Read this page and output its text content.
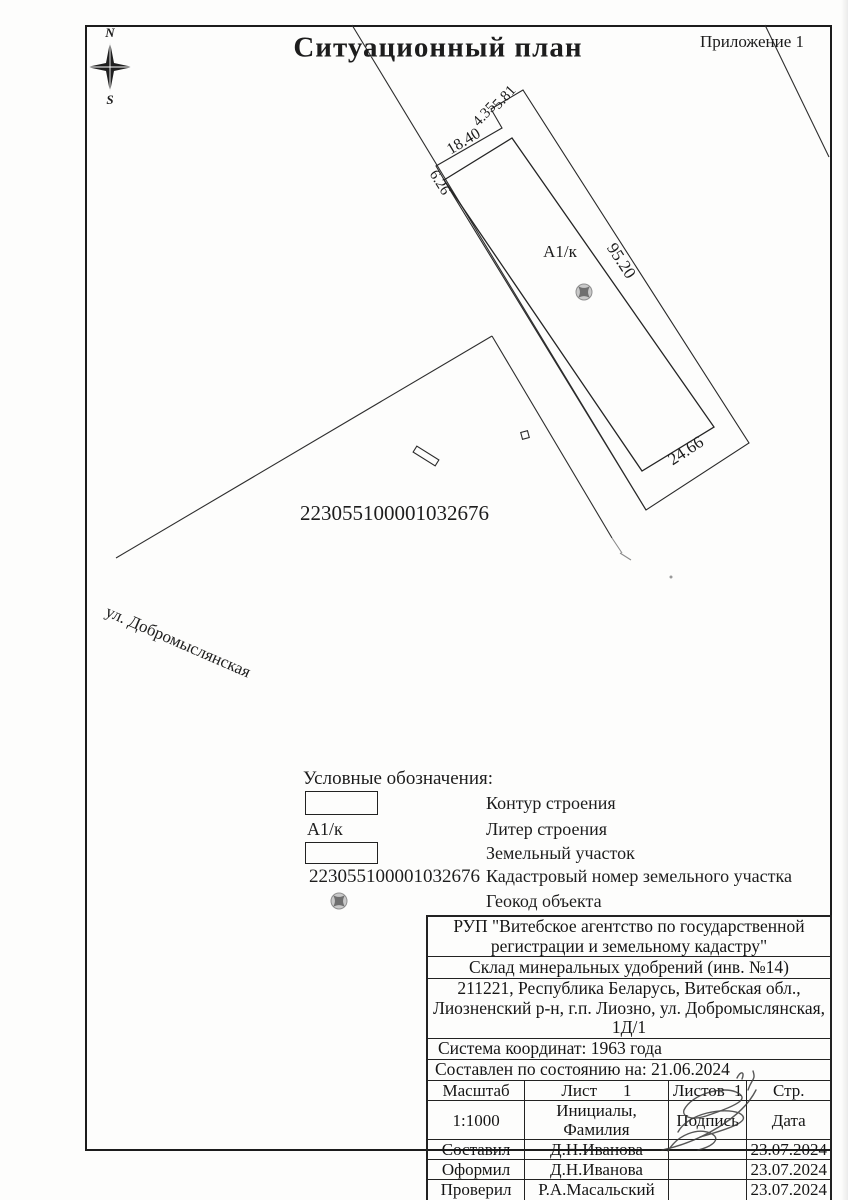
N
S
Ситуационный план	Приложение 1
5.81
4.35
18.40
6.26
95.20
24.66
А1/к
223055100001032676
ул. Добромыслянская
Условные обозначения:
Контур строения
А1/к	Литер строения
Земельный участок
223055100001032676 Кадастровый номер земельного участка
Геокод объекта
РУП "Витебское агентство по государственной регистрации и земельному кадастру"			
Склад минеральных удобрений (инв. №14)			
211221, Республика Беларусь, Витебская обл., Лиозненский р-н, г.п. Лиозно, ул. Добромыслянская, 1Д/1			
Система координат: 1963 года			
Составлен по состоянию на: 21.06.2024			
Масштаб	Лист 1	Листов 1	Стр.
1:1000	Инициалы, Фамилия	Подпись	Дата
Составил	Д.Н.Иванова		23.07.2024
Оформил	Д.Н.Иванова		23.07.2024
Проверил	Р.А.Масальский		23.07.2024
